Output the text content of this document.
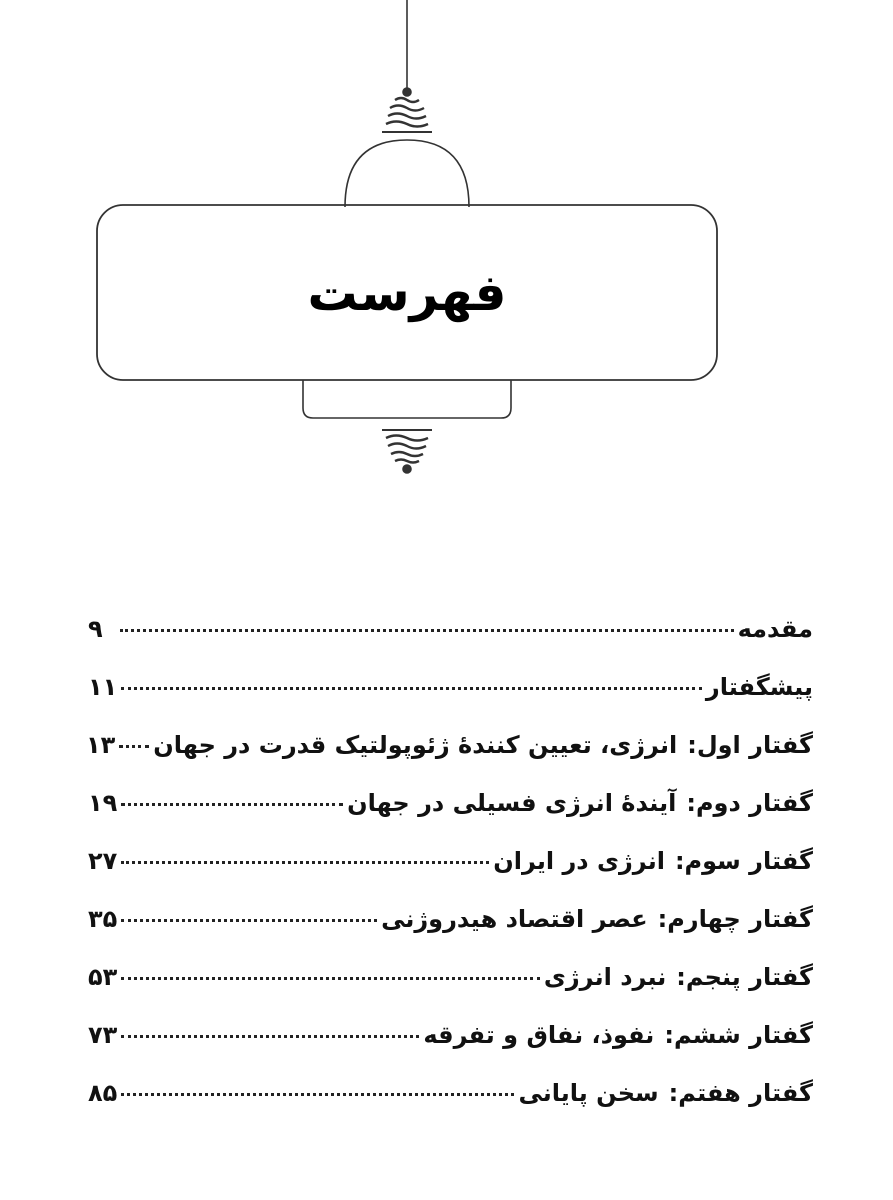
فهرست
مقدمه
۹
پیشگفتار
۱۱
گفتار اول
:
انرژی، تعیین کنندهٔ ژئوپولتیک قدرت در جهان
۱۳
گفتار دوم
:
آیندهٔ انرژی فسیلی در جهان
۱۹
گفتار سوم
:
انرژی در ایران
۲۷
گفتار چهارم
:
عصر اقتصاد هیدروژنی
۳۵
گفتار پنجم
:
نبرد انرژی
۵۳
گفتار ششم
:
نفوذ، نفاق و تفرقه
۷۳
گفتار هفتم
:
سخن پایانی
۸۵
